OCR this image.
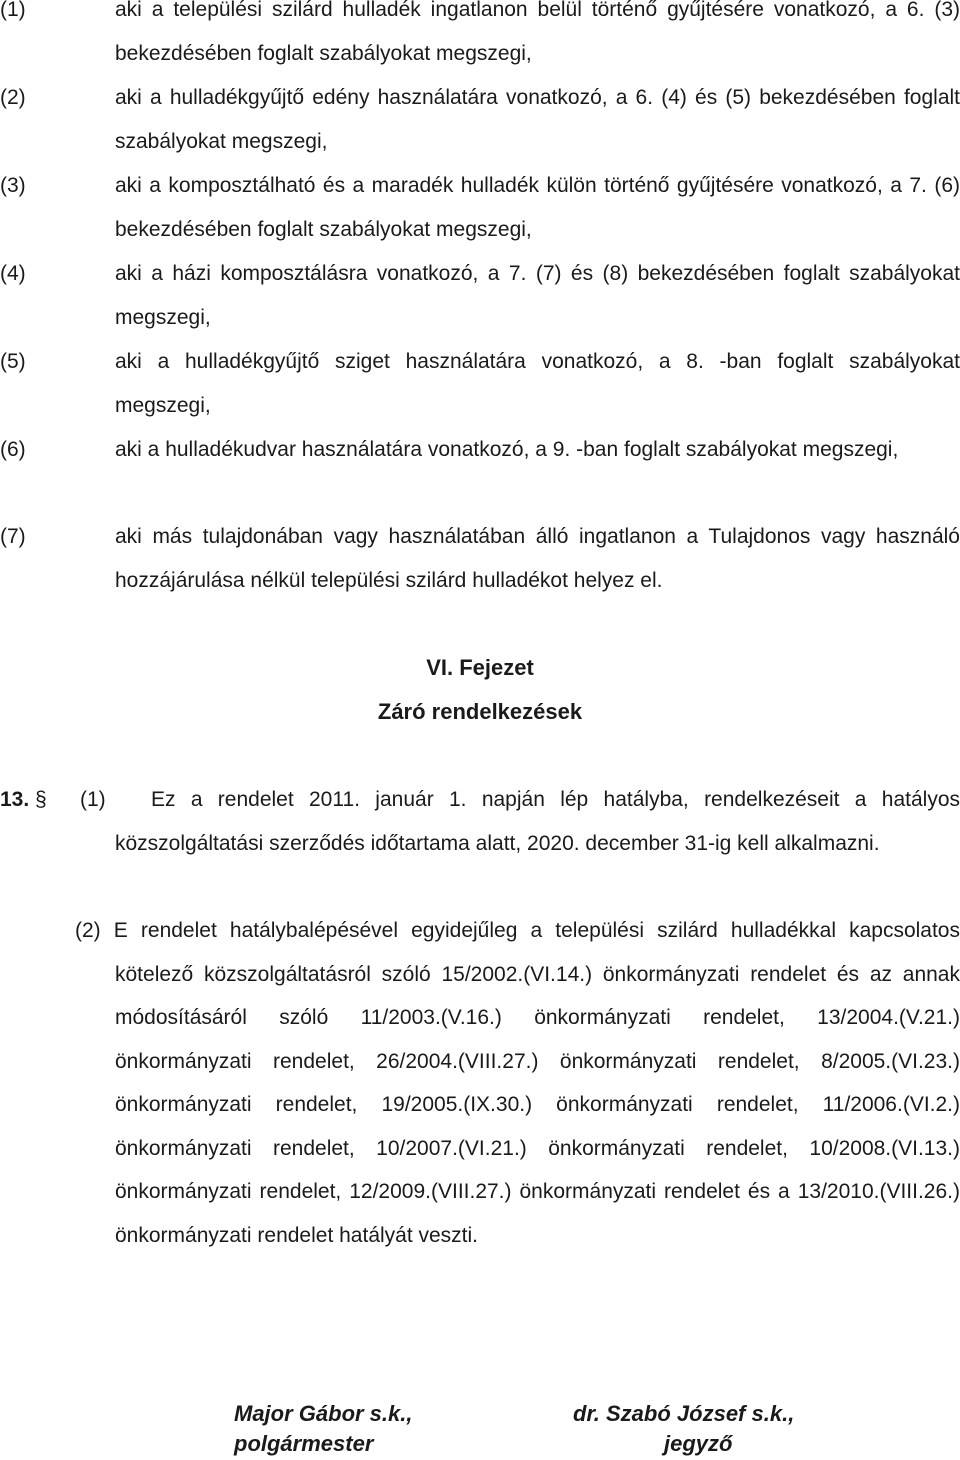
(1)	aki a települési szilárd hulladék ingatlanon belül történő gyűjtésére vonatkozó, a 6. (3) bekezdésében foglalt szabályokat megszegi,

(2)	aki a hulladékgyűjtő edény használatára vonatkozó, a 6. (4) és (5) bekezdésében foglalt szabályokat megszegi,

(3)	aki a komposztálható és a maradék hulladék külön történő gyűjtésére vonatkozó, a 7. (6) bekezdésében foglalt szabályokat megszegi,

(4)	aki a házi komposztálásra vonatkozó, a 7. (7) és (8) bekezdésében foglalt szabályokat megszegi,

(5)	aki a hulladékgyűjtő sziget használatára vonatkozó, a 8. -ban foglalt szabályokat megszegi,

(6)	aki a hulladékudvar használatára vonatkozó, a 9. -ban foglalt szabályokat megszegi,

(7)	aki más tulajdonában vagy használatában álló ingatlanon a Tulajdonos vagy használó hozzájárulása nélkül települési szilárd hulladékot helyez el.

VI. Fejezet
Záró rendelkezések
13. § (1)	Ez a rendelet 2011. január 1. napján lép hatályba, rendelkezéseit a hatályos közszolgáltatási szerződés időtartama alatt, 2020. december 31-ig kell alkalmazni.

(2) E rendelet hatálybalépésével egyidejűleg a települési szilárd hulladékkal kapcsolatos kötelező közszolgáltatásról szóló 15/2002.(VI.14.) önkormányzati rendelet és az annak módosításáról szóló 11/2003.(V.16.) önkormányzati rendelet, 13/2004.(V.21.) önkormányzati rendelet, 26/2004.(VIII.27.) önkormányzati rendelet, 8/2005.(VI.23.) önkormányzati rendelet, 19/2005.(IX.30.) önkormányzati rendelet, 11/2006.(VI.2.) önkormányzati rendelet, 10/2007.(VI.21.) önkormányzati rendelet, 10/2008.(VI.13.) önkormányzati rendelet, 12/2009.(VIII.27.) önkormányzati rendelet és a 13/2010.(VIII.26.) önkormányzati rendelet hatályát veszti.

Major Gábor s.k.,
polgármester
dr. Szabó József s.k.,
jegyző
